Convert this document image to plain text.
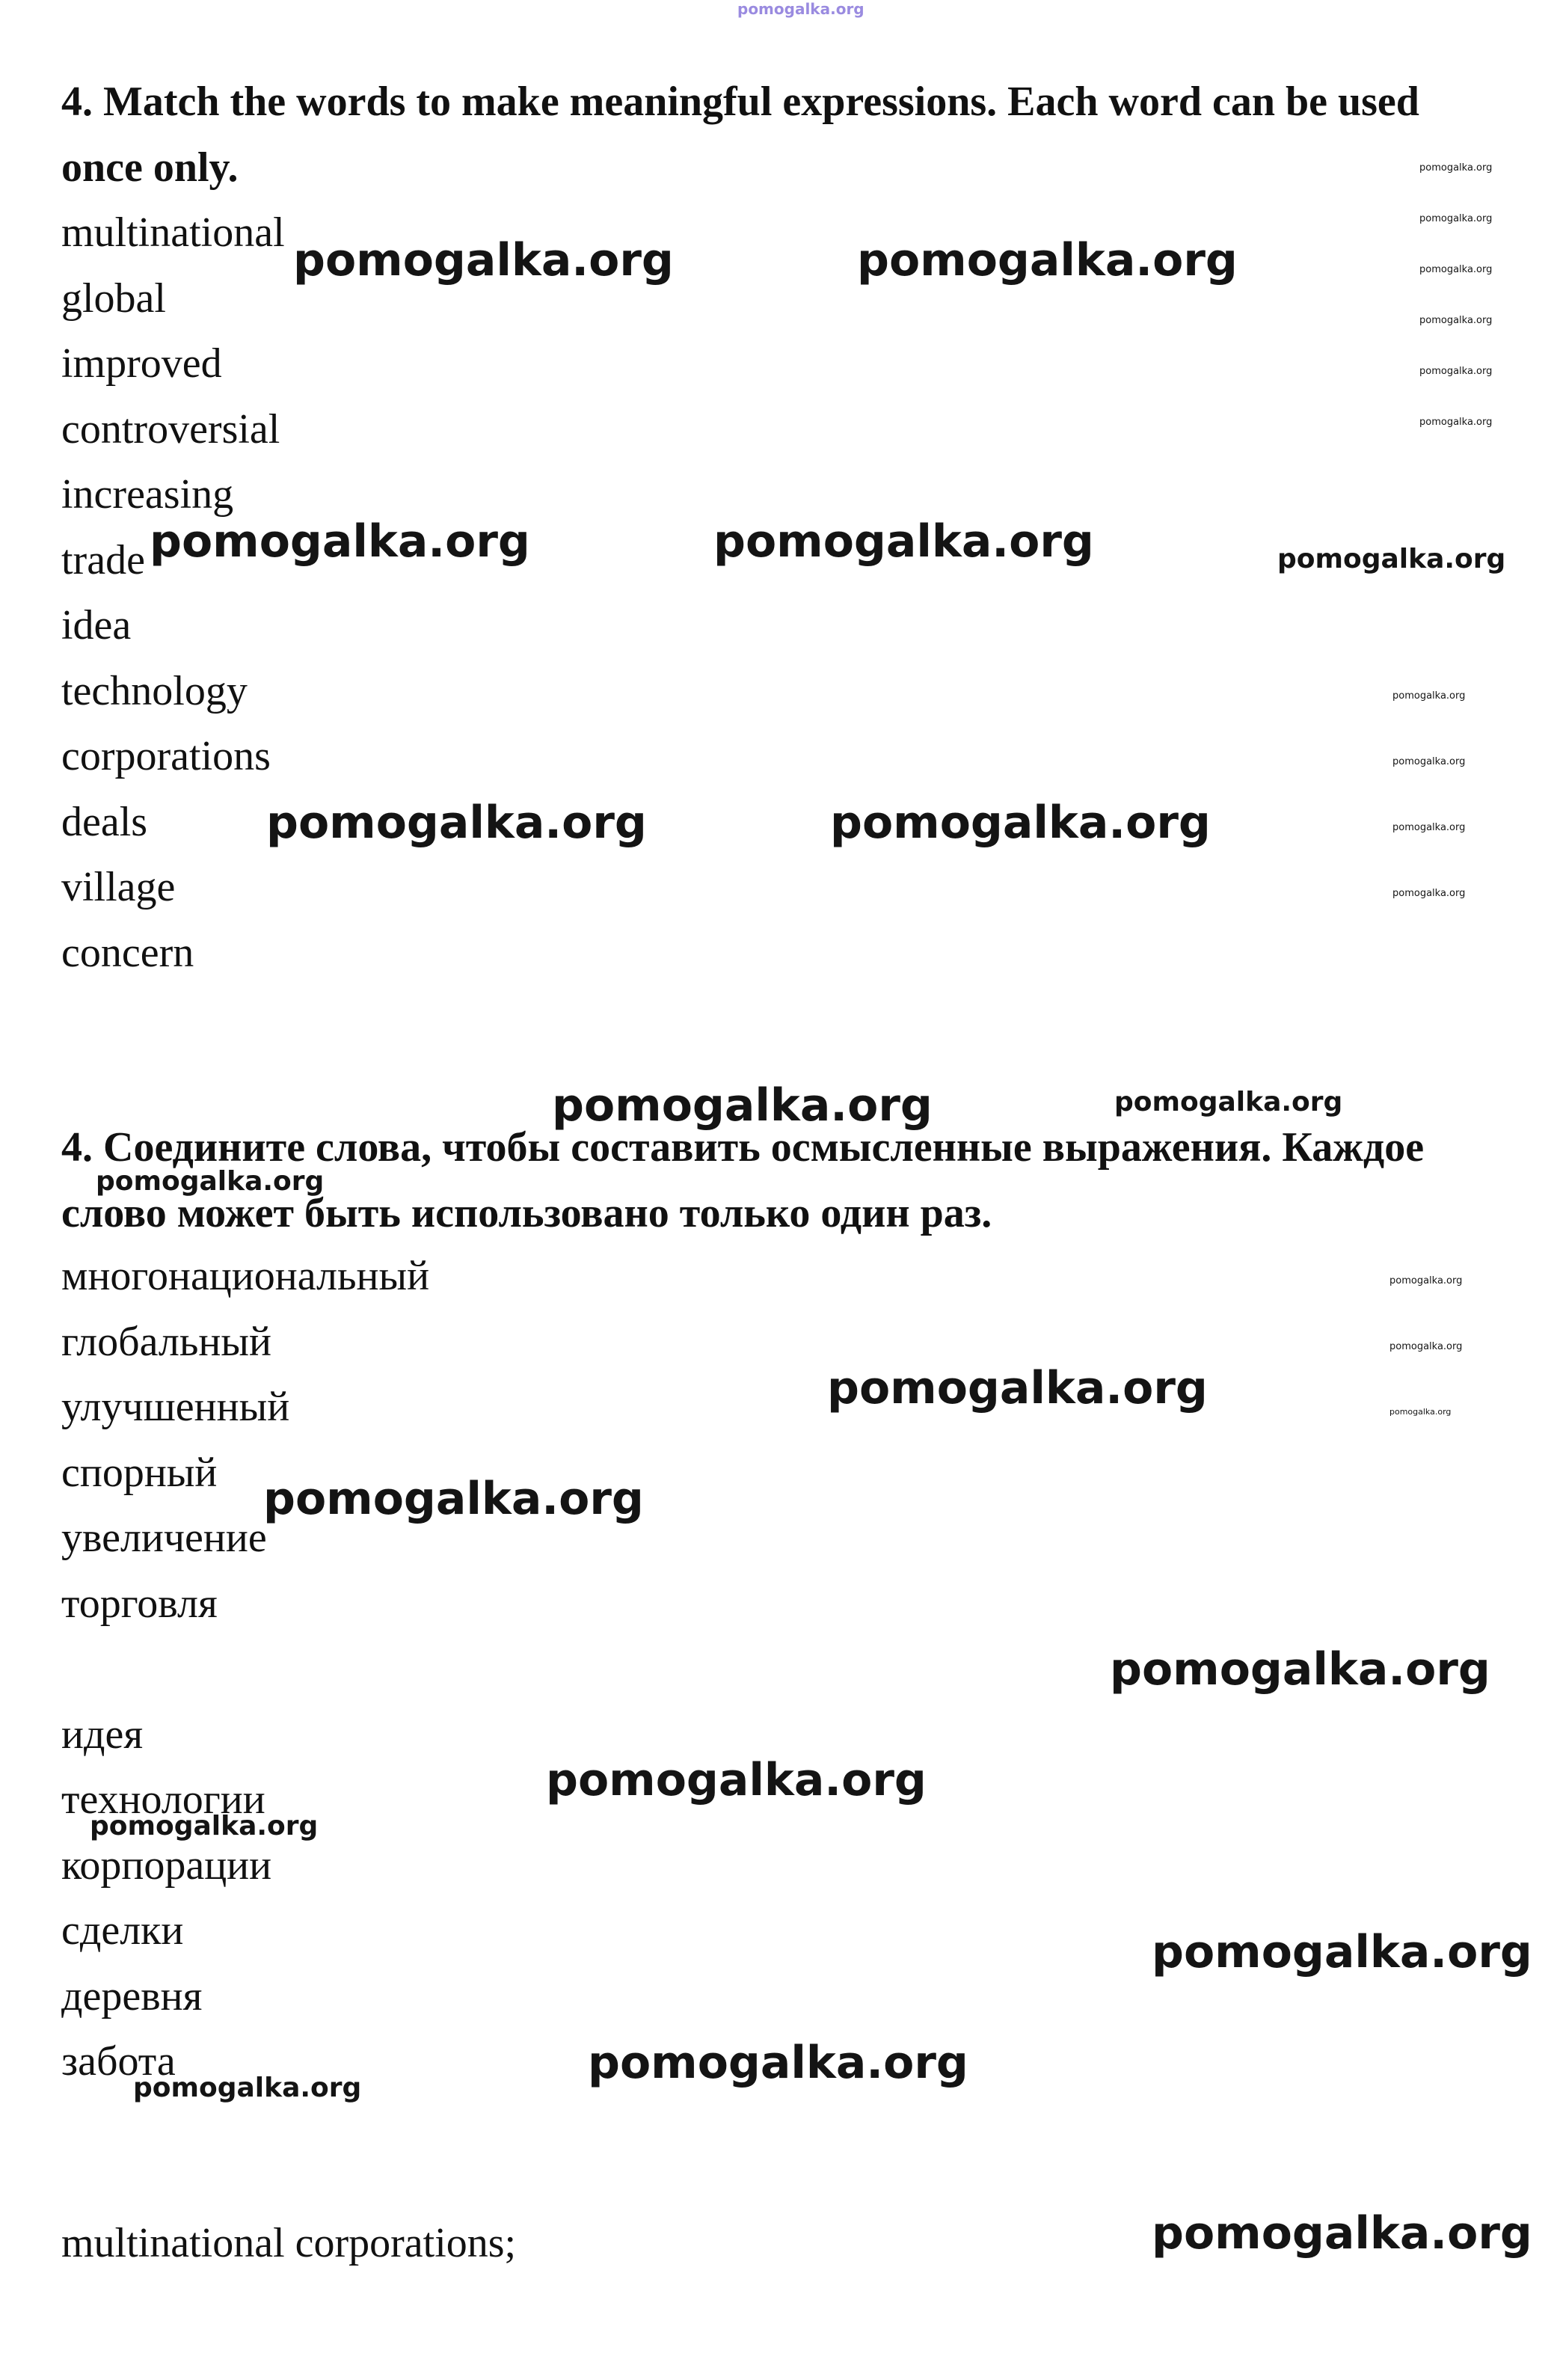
4. Match the words to make meaningful expressions. Each word can be used once only.
multinational
global
improved
controversial
increasing
trade
idea
technology
corporations
deals
village
concern
4. Соедините слова, чтобы составить осмысленные выражения. Каждое слово может быть использовано только один раз.
многонациональный
глобальный
улучшенный
спорный
увеличение
торговля
идея
технологии
корпорации
сделки
деревня
забота
multinational corporations;
pomogalka.org
pomogalka.org	pomogalka.org
pomogalka.org	pomogalka.org	pomogalka.org
pomogalka.org	pomogalka.org
pomogalka.org	pomogalka.org
pomogalka.org
pomogalka.org
pomogalka.org
pomogalka.org
pomogalka.org
pomogalka.org
pomogalka.org
pomogalka.org
pomogalka.org
pomogalka.org
pomogalka.org
pomogalka.org
pomogalka.org
pomogalka.org
pomogalka.org
pomogalka.org
pomogalka.org
pomogalka.org
pomogalka.org
pomogalka.org
pomogalka.org
pomogalka.org
pomogalka.org
